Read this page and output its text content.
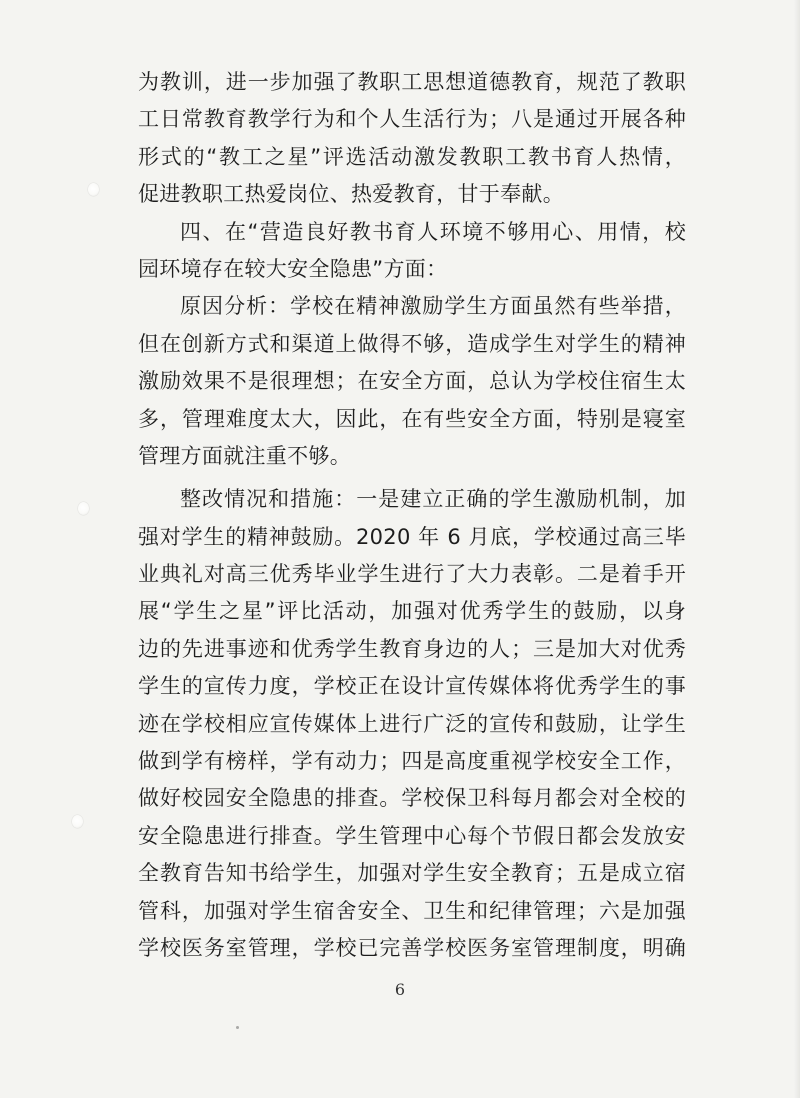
为教训，进一步加强了教职工思想道德教育，规范了教职
工日常教育教学行为和个人生活行为；八是通过开展各种
形式的“教工之星”评选活动激发教职工教书育人热情，
促进教职工热爱岗位、热爱教育，甘于奉献。
四、在“营造良好教书育人环境不够用心、用情，校
园环境存在较大安全隐患”方面：
原因分析：学校在精神激励学生方面虽然有些举措，
但在创新方式和渠道上做得不够，造成学生对学生的精神
激励效果不是很理想；在安全方面，总认为学校住宿生太
多，管理难度太大，因此，在有些安全方面，特别是寝室
管理方面就注重不够。
整改情况和措施：一是建立正确的学生激励机制，加
强对学生的精神鼓励。2020 年 6 月底，学校通过高三毕
业典礼对高三优秀毕业学生进行了大力表彰。二是着手开
展“学生之星”评比活动，加强对优秀学生的鼓励，以身
边的先进事迹和优秀学生教育身边的人；三是加大对优秀
学生的宣传力度，学校正在设计宣传媒体将优秀学生的事
迹在学校相应宣传媒体上进行广泛的宣传和鼓励，让学生
做到学有榜样，学有动力；四是高度重视学校安全工作，
做好校园安全隐患的排查。学校保卫科每月都会对全校的
安全隐患进行排查。学生管理中心每个节假日都会发放安
全教育告知书给学生，加强对学生安全教育；五是成立宿
管科，加强对学生宿舍安全、卫生和纪律管理；六是加强
学校医务室管理，学校已完善学校医务室管理制度，明确
6
